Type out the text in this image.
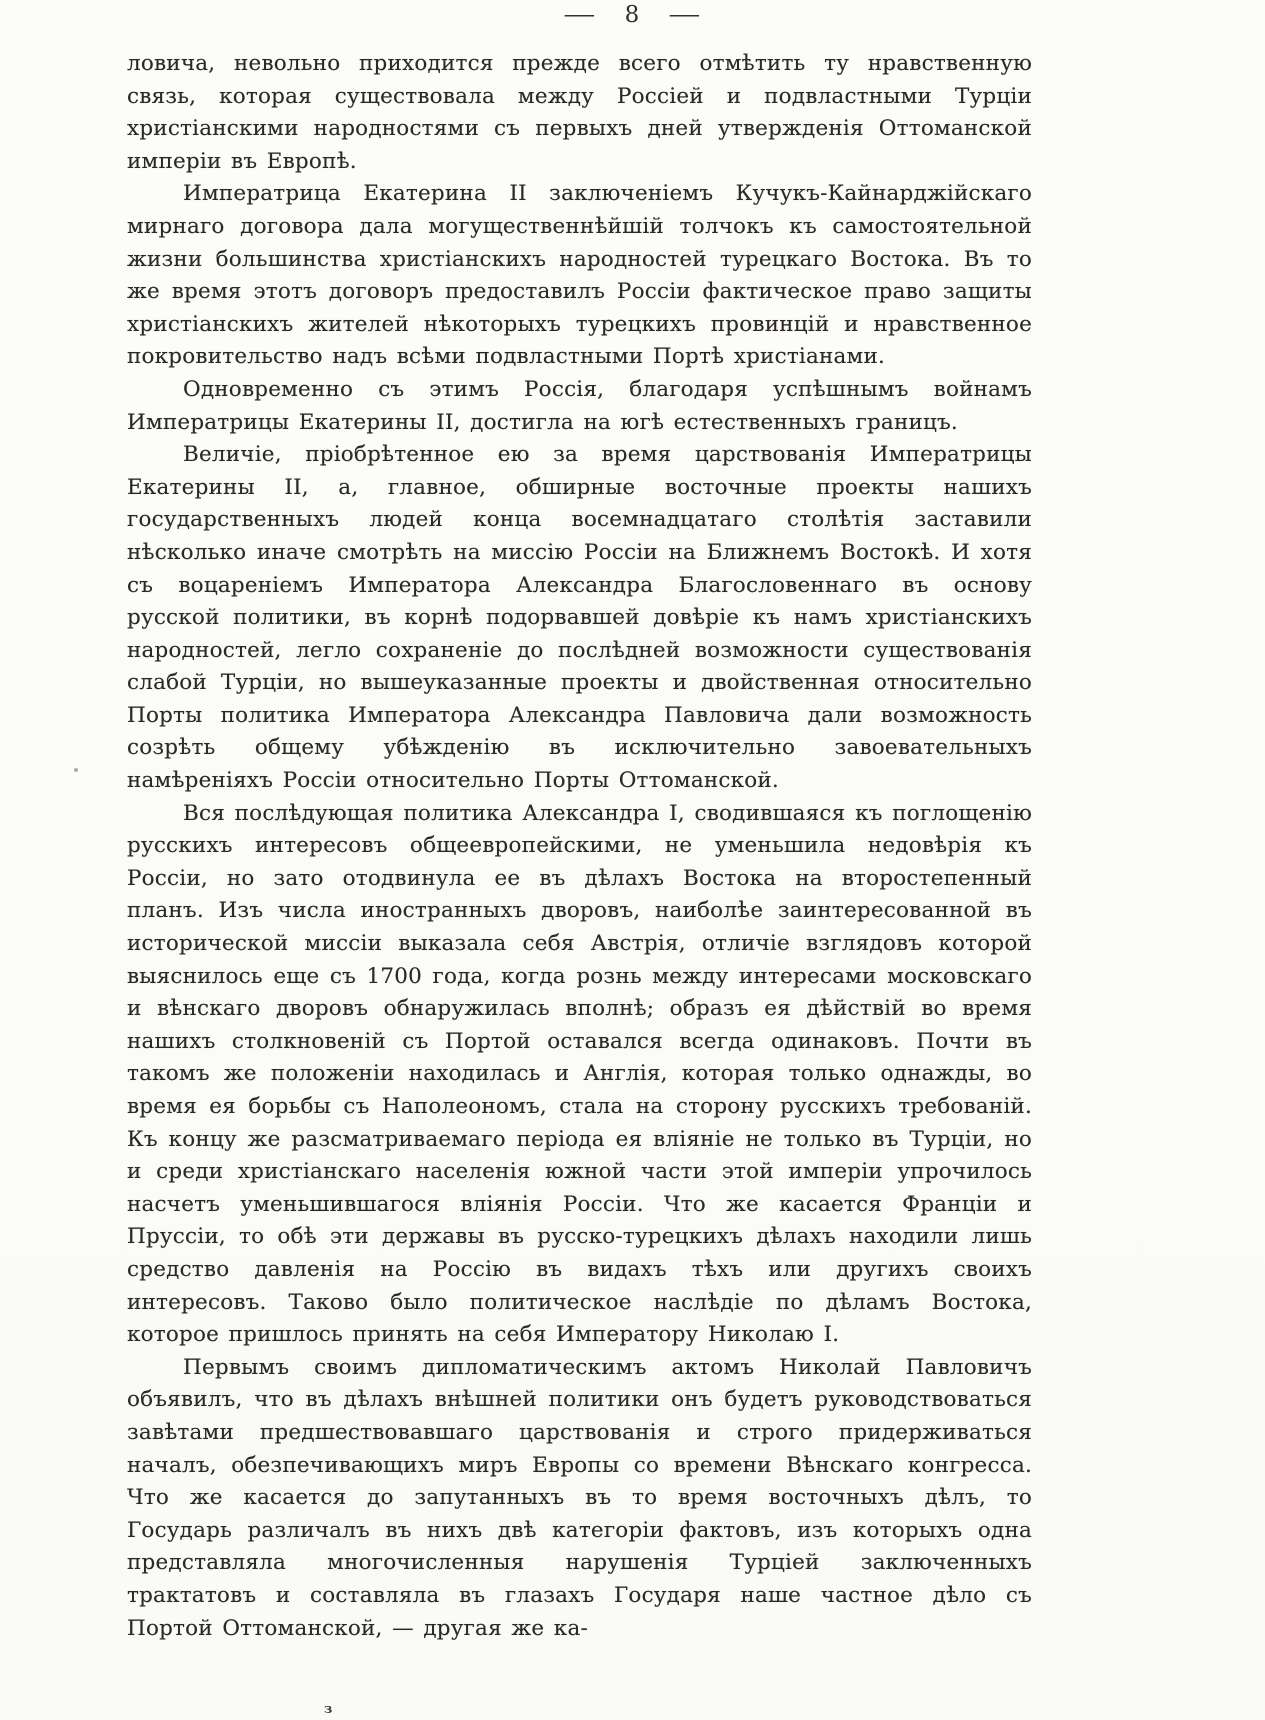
— 8 —

ловича, невольно приходится прежде всего отмѣтить ту нравственную связь, которая существовала между Россіей и подвластными Турціи христіанскими народностями съ первыхъ дней утвержденія Оттоманской имперіи въ Европѣ.

Императрица Екатерина II заключеніемъ Кучукъ-Кайнарджійскаго мирнаго договора дала могущественнѣйшій толчокъ къ самостоятельной жизни большинства христіанскихъ народностей турецкаго Востока. Въ то же время этотъ договоръ предоставилъ Россіи фактическое право защиты христіанскихъ жителей нѣкоторыхъ турецкихъ провинцій и нравственное покровительство надъ всѣми подвластными Портѣ христіанами.

Одновременно съ этимъ Россія, благодаря успѣшнымъ войнамъ Императрицы Екатерины II, достигла на югѣ естественныхъ границъ.

Величіе, пріобрѣтенное ею за время царствованія Императрицы Екатерины II, а, главное, обширные восточные проекты нашихъ государственныхъ людей конца восемнадцатаго столѣтія заставили нѣсколько иначе смотрѣть на миссію Россіи на Ближнемъ Востокѣ. И хотя съ воцареніемъ Императора Александра Благословеннаго въ основу русской политики, въ корнѣ подорвавшей довѣріе къ намъ христіанскихъ народностей, легло сохраненіе до послѣдней возможности существованія слабой Турціи, но вышеуказанные проекты и двойственная относительно Порты политика Императора Александра Павловича дали возможность созрѣть общему убѣжденію въ исключительно завоевательныхъ намѣреніяхъ Россіи относительно Порты Оттоманской.

Вся послѣдующая политика Александра I, сводившаяся къ поглощенію русскихъ интересовъ общеевропейскими, не уменьшила недовѣрія къ Россіи, но зато отодвинула ее въ дѣлахъ Востока на второстепенный планъ. Изъ числа иностранныхъ дворовъ, наиболѣе заинтересованной въ исторической миссіи выказала себя Австрія, отличіе взглядовъ которой выяснилось еще съ 1700 года, когда рознь между интересами московскаго и вѣнскаго дворовъ обнаружилась вполнѣ; образъ ея дѣйствій во время нашихъ столкновеній съ Портой оставался всегда одинаковъ. Почти въ такомъ же положеніи находилась и Англія, которая только однажды, во время ея борьбы съ Наполеономъ, стала на сторону русскихъ требованій. Къ концу же разсматриваемаго періода ея вліяніе не только въ Турціи, но и среди христіанскаго населенія южной части этой имперіи упрочилось насчетъ уменьшившагося вліянія Россіи. Что же касается Франціи и Пруссіи, то обѣ эти державы въ русско-турецкихъ дѣлахъ находили лишь средство давленія на Россію въ видахъ тѣхъ или другихъ своихъ интересовъ. Таково было политическое наслѣдіе по дѣламъ Востока, которое пришлось принять на себя Императору Николаю I.

Первымъ своимъ дипломатическимъ актомъ Николай Павловичъ объявилъ, что въ дѣлахъ внѣшней политики онъ будетъ руководствоваться завѣтами предшествовавшаго царствованія и строго придерживаться началъ, обезпечивающихъ миръ Европы со времени Вѣнскаго конгресса. Что же касается до запутанныхъ въ то время восточныхъ дѣлъ, то Государь различалъ въ нихъ двѣ категоріи фактовъ, изъ которыхъ одна представляла многочисленныя нарушенія Турціей заключенныхъ трактатовъ и составляла въ глазахъ Государя наше частное дѣло съ Портой Оттоманской, — другая же ка-

з
